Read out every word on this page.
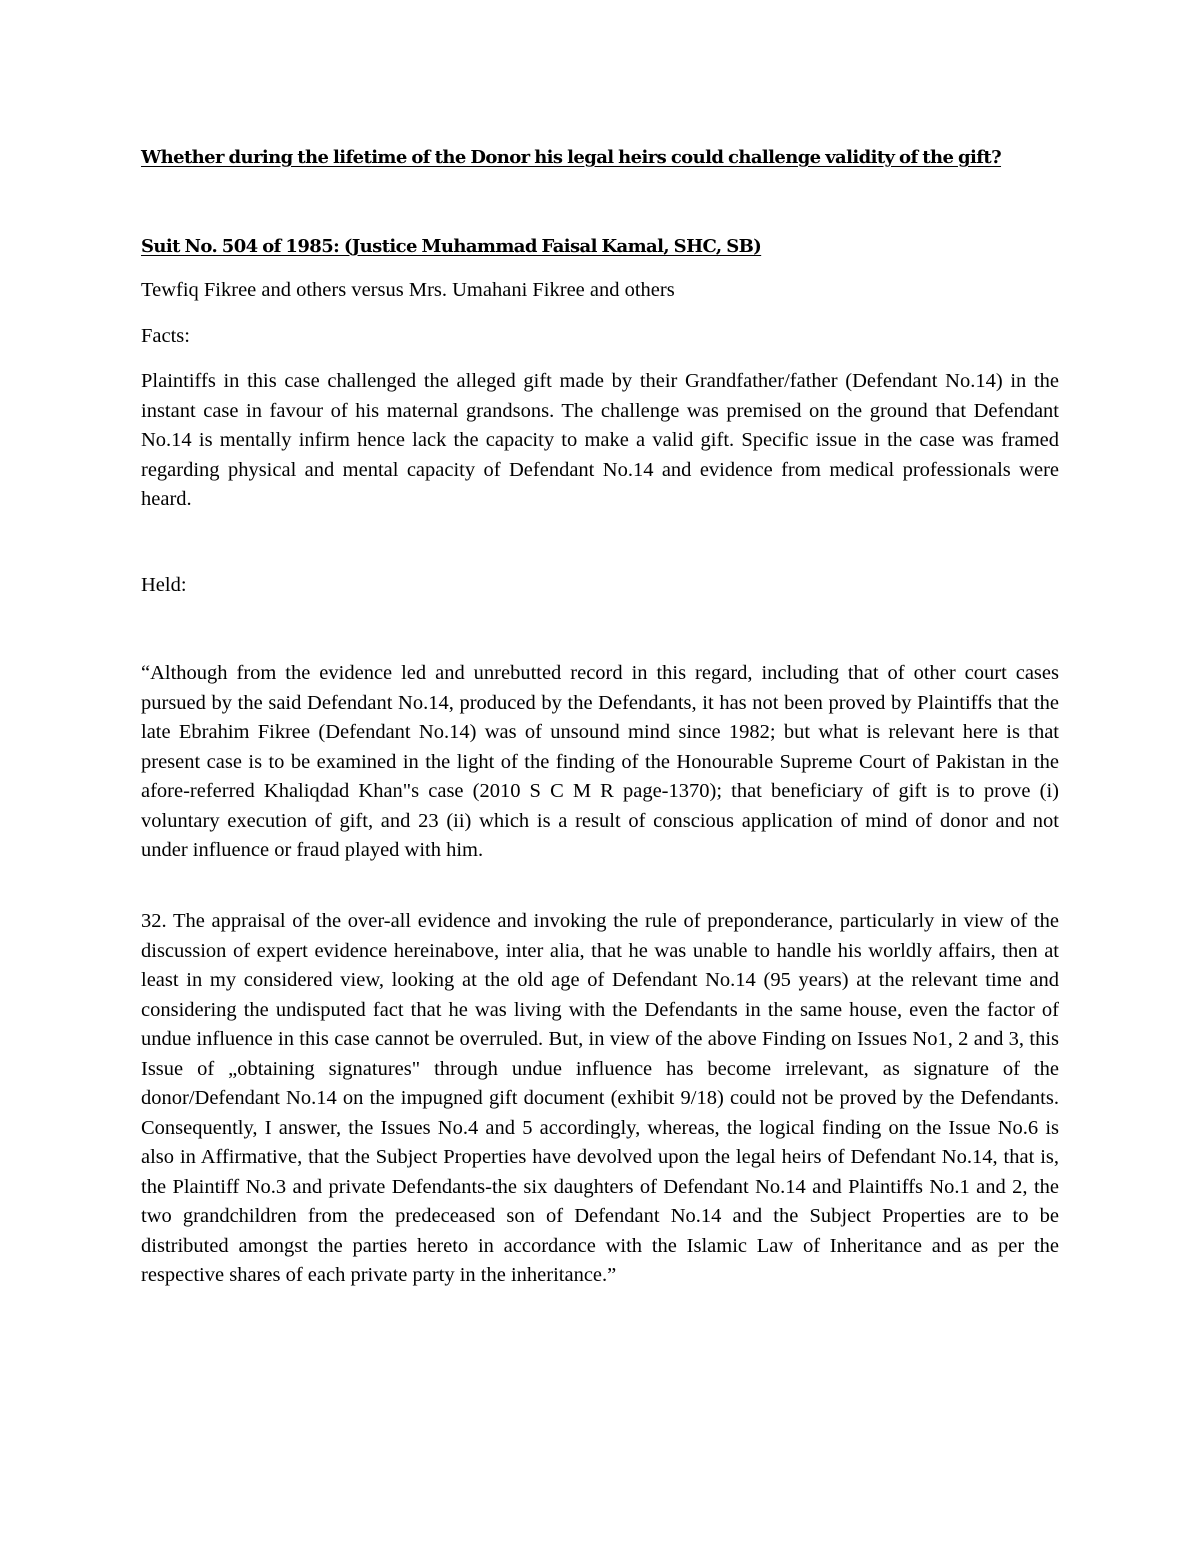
Whether during the lifetime of the Donor his legal heirs could challenge validity of the gift?
Suit No. 504 of 1985: (Justice Muhammad Faisal Kamal, SHC, SB)

Tewfiq Fikree and others versus Mrs. Umahani Fikree and others

Facts:

Plaintiffs in this case challenged the alleged gift made by their Grandfather/father (Defendant No.14) in the instant case in favour of his maternal grandsons. The challenge was premised on the ground that Defendant No.14 is mentally infirm hence lack the capacity to make a valid gift. Specific issue in the case was framed regarding physical and mental capacity of Defendant No.14 and evidence from medical professionals were heard.

Held:

“Although from the evidence led and unrebutted record in this regard, including that of other court cases pursued by the said Defendant No.14, produced by the Defendants, it has not been proved by Plaintiffs that the late Ebrahim Fikree (Defendant No.14) was of unsound mind since 1982; but what is relevant here is that present case is to be examined in the light of the finding of the Honourable Supreme Court of Pakistan in the afore-referred Khaliqdad Khan"s case (2010 S C M R page-1370); that beneficiary of gift is to prove (i) voluntary execution of gift, and 23 (ii) which is a result of conscious application of mind of donor and not under influence or fraud played with him.

32. The appraisal of the over-all evidence and invoking the rule of preponderance, particularly in view of the discussion of expert evidence hereinabove, inter alia, that he was unable to handle his worldly affairs, then at least in my considered view, looking at the old age of Defendant No.14 (95 years) at the relevant time and considering the undisputed fact that he was living with the Defendants in the same house, even the factor of undue influence in this case cannot be overruled. But, in view of the above Finding on Issues No1, 2 and 3, this Issue of „obtaining signatures" through undue influence has become irrelevant, as signature of the donor/Defendant No.14 on the impugned gift document (exhibit 9/18) could not be proved by the Defendants. Consequently, I answer, the Issues No.4 and 5 accordingly, whereas, the logical finding on the Issue No.6 is also in Affirmative, that the Subject Properties have devolved upon the legal heirs of Defendant No.14, that is, the Plaintiff No.3 and private Defendants-the six daughters of Defendant No.14 and Plaintiffs No.1 and 2, the two grandchildren from the predeceased son of Defendant No.14 and the Subject Properties are to be distributed amongst the parties hereto in accordance with the Islamic Law of Inheritance and as per the respective shares of each private party in the inheritance.”
